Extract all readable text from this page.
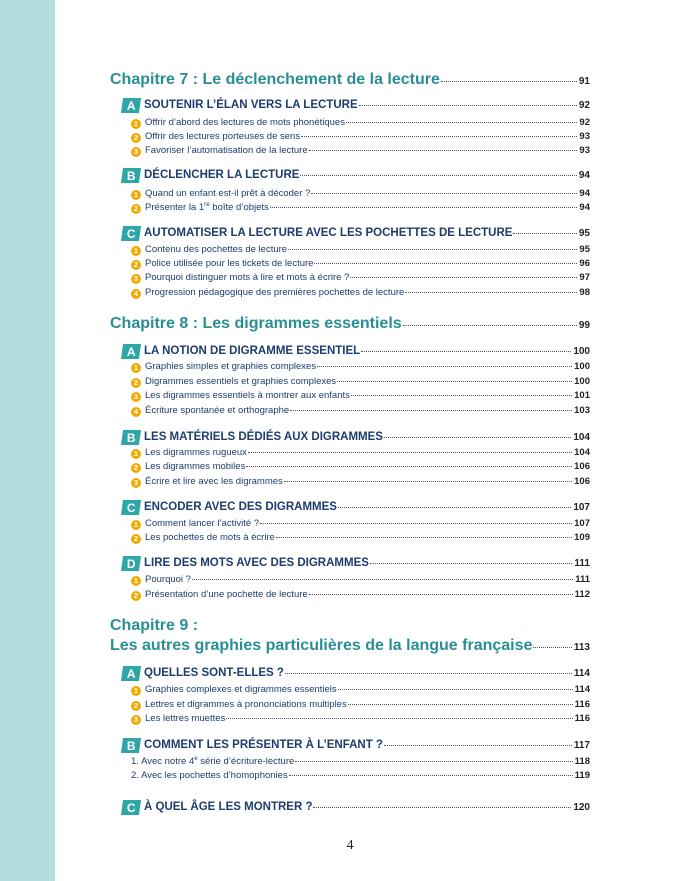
Chapitre 7 : Le déclenchement de la lecture	91
A SOUTENIR L’ÉLAN VERS LA LECTURE	92
1 Offrir d’abord des lectures de mots phonétiques	92
2 Offrir des lectures porteuses de sens	93
3 Favoriser l’automatisation de la lecture	93
B DÉCLENCHER LA LECTURE	94
1 Quand un enfant est-il prêt à décoder ?	94
2 Présenter la 1re boîte d’objets	94
C AUTOMATISER LA LECTURE AVEC LES POCHETTES DE LECTURE	95
1 Contenu des pochettes de lecture	95
2 Police utilisée pour les tickets de lecture	96
3 Pourquoi distinguer mots à lire et mots à écrire ?	97
4 Progression pédagogique des premières pochettes de lecture	98
Chapitre 8 : Les digrammes essentiels	99
A LA NOTION DE DIGRAMME ESSENTIEL	100
1 Graphies simples et graphies complexes	100
2 Digrammes essentiels et graphies complexes	100
3 Les digrammes essentiels à montrer aux enfants	101
4 Écriture spontanée et orthographe	103
B LES MATÉRIELS DÉDIÉS AUX DIGRAMMES	104
1 Les digrammes rugueux	104
2 Les digrammes mobiles	106
3 Écrire et lire avec les digrammes	106
C ENCODER AVEC DES DIGRAMMES	107
1 Comment lancer l’activité ?	107
2 Les pochettes de mots à écrire	109
D LIRE DES MOTS AVEC DES DIGRAMMES	111
1 Pourquoi ?	111
2 Présentation d’une pochette de lecture	112
Chapitre 9 :
Les autres graphies particulières de la langue française	113
A QUELLES SONT-ELLES ?	114
1 Graphies complexes et digrammes essentiels	114
2 Lettres et digrammes à prononciations multiples	116
3 Les lettres muettes	116
B COMMENT LES PRÉSENTER À L’ENFANT ?	117
1. Avec notre 4e série d’écriture-lecture	118
2. Avec les pochettes d’homophonies	119
C À QUEL ÂGE LES MONTRER ?	120
4
